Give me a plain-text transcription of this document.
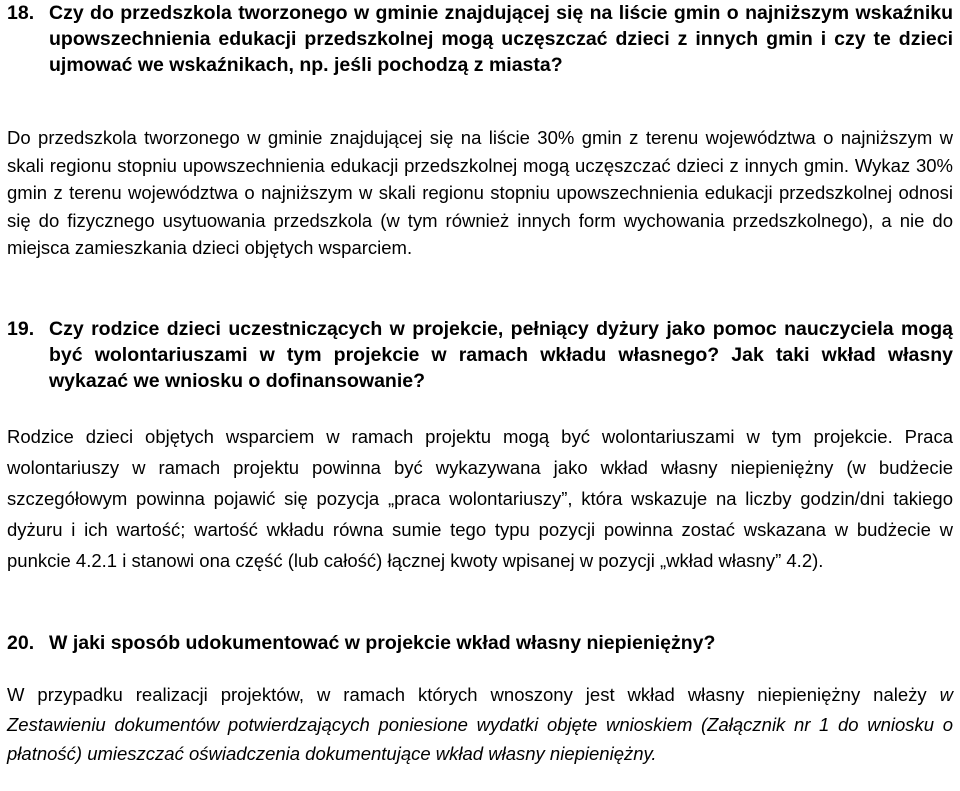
18. Czy do przedszkola tworzonego w gminie znajdującej się na liście gmin o najniższym wskaźniku upowszechnienia edukacji przedszkolnej mogą uczęszczać dzieci z innych gmin i czy te dzieci ujmować we wskaźnikach, np. jeśli pochodzą z miasta?
Do przedszkola tworzonego w gminie znajdującej się na liście 30% gmin z terenu województwa o najniższym w skali regionu stopniu upowszechnienia edukacji przedszkolnej mogą uczęszczać dzieci z innych gmin. Wykaz 30% gmin z terenu województwa o najniższym w skali regionu stopniu upowszechnienia edukacji przedszkolnej odnosi się do fizycznego usytuowania przedszkola (w tym również innych form wychowania przedszkolnego), a nie do miejsca zamieszkania dzieci objętych wsparciem.
19. Czy rodzice dzieci uczestniczących w projekcie, pełniący dyżury jako pomoc nauczyciela mogą być wolontariuszami w tym projekcie w ramach wkładu własnego? Jak taki wkład własny wykazać we wniosku o dofinansowanie?
Rodzice dzieci objętych wsparciem w ramach projektu mogą być wolontariuszami w tym projekcie. Praca wolontariuszy w ramach projektu powinna być wykazywana jako wkład własny niepieniężny (w budżecie szczegółowym powinna pojawić się pozycja „praca wolontariuszy”, która wskazuje na liczby godzin/dni takiego dyżuru i ich wartość; wartość wkładu równa sumie tego typu pozycji powinna zostać wskazana w budżecie w punkcie 4.2.1 i stanowi ona część (lub całość) łącznej kwoty wpisanej w pozycji „wkład własny” 4.2).
20. W jaki sposób udokumentować w projekcie wkład własny niepieniężny?
W przypadku realizacji projektów, w ramach których wnoszony jest wkład własny niepieniężny należy w Zestawieniu dokumentów potwierdzających poniesione wydatki objęte wnioskiem (Załącznik nr 1 do wniosku o płatność) umieszczać oświadczenia dokumentujące wkład własny niepieniężny.
